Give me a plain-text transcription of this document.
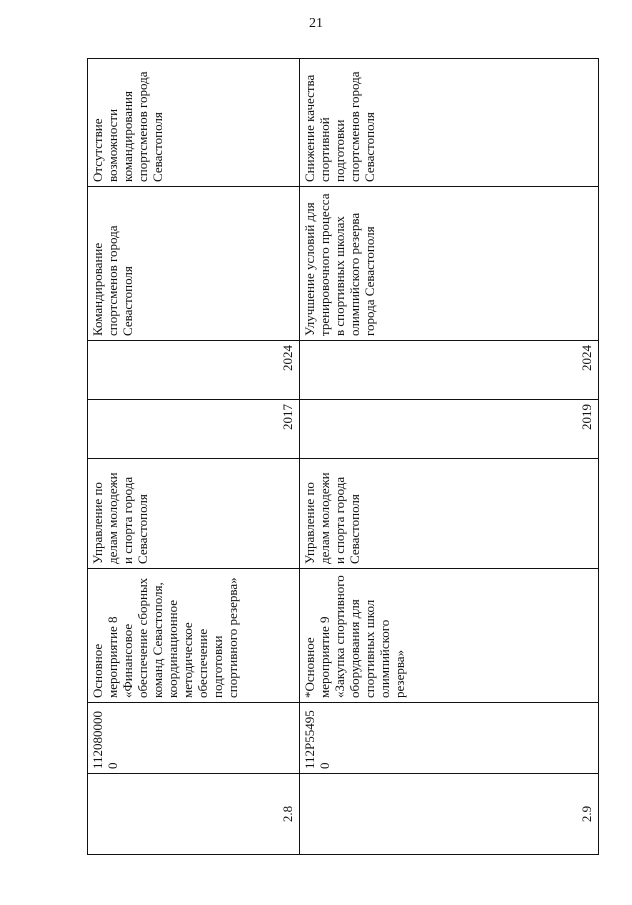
21
2.8	1120800000	Основное мероприятие 8 «Финансовое обеспечение сборных команд Севастополя, координационное методическое обеспечение подготовки спортивного резерва»	Управление по делам молодежи и спорта города Севастополя	2017	2024	Командирование спортсменов города Севастополя	Отсутствие возможности командирования спортсменов города Севастополя
2.9	112P554950	*Основное мероприятие 9 «Закупка спортивного оборудования для спортивных школ олимпийского резерва»	Управление по делам молодежи и спорта города Севастополя	2019	2024	Улучшение условий для тренировочного процесса в спортивных школах олимпийского резерва города Севастополя	Снижение качества спортивной подготовки спортсменов города Севастополя
